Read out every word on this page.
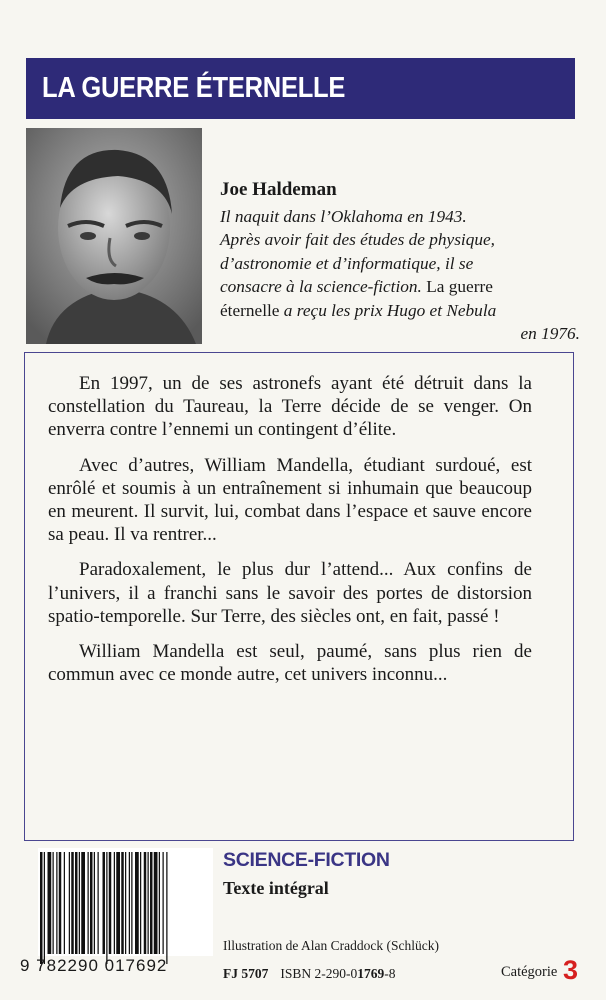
LA GUERRE ÉTERNELLE
Joe Haldeman

Il naquit dans l’Oklahoma en 1943.

Après avoir fait des études de physique,

d’astronomie et d’informatique, il se

consacre à la science-fiction. La guerre

éternelle a reçu les prix Hugo et Nebula

en 1976.

En 1997, un de ses astronefs ayant été détruit dans la constellation du Taureau, la Terre décide de se venger. On enverra contre l’ennemi un contingent d’élite.

Avec d’autres, William Mandella, étudiant surdoué, est enrôlé et soumis à un entraînement si inhumain que beaucoup en meurent. Il survit, lui, combat dans l’espace et sauve encore sa peau. Il va rentrer...

Paradoxalement, le plus dur l’attend... Aux confins de l’univers, il a franchi sans le savoir des portes de distorsion spatio-temporelle. Sur Terre, des siècles ont, en fait, passé !

William Mandella est seul, paumé, sans plus rien de commun avec ce monde autre, cet univers inconnu...

9 782290 017692
SCIENCE-FICTION
Texte intégral
Illustration de Alan Craddock (Schlück)
FJ 5707 ISBN 2-290-01769-8	Catégorie 3
